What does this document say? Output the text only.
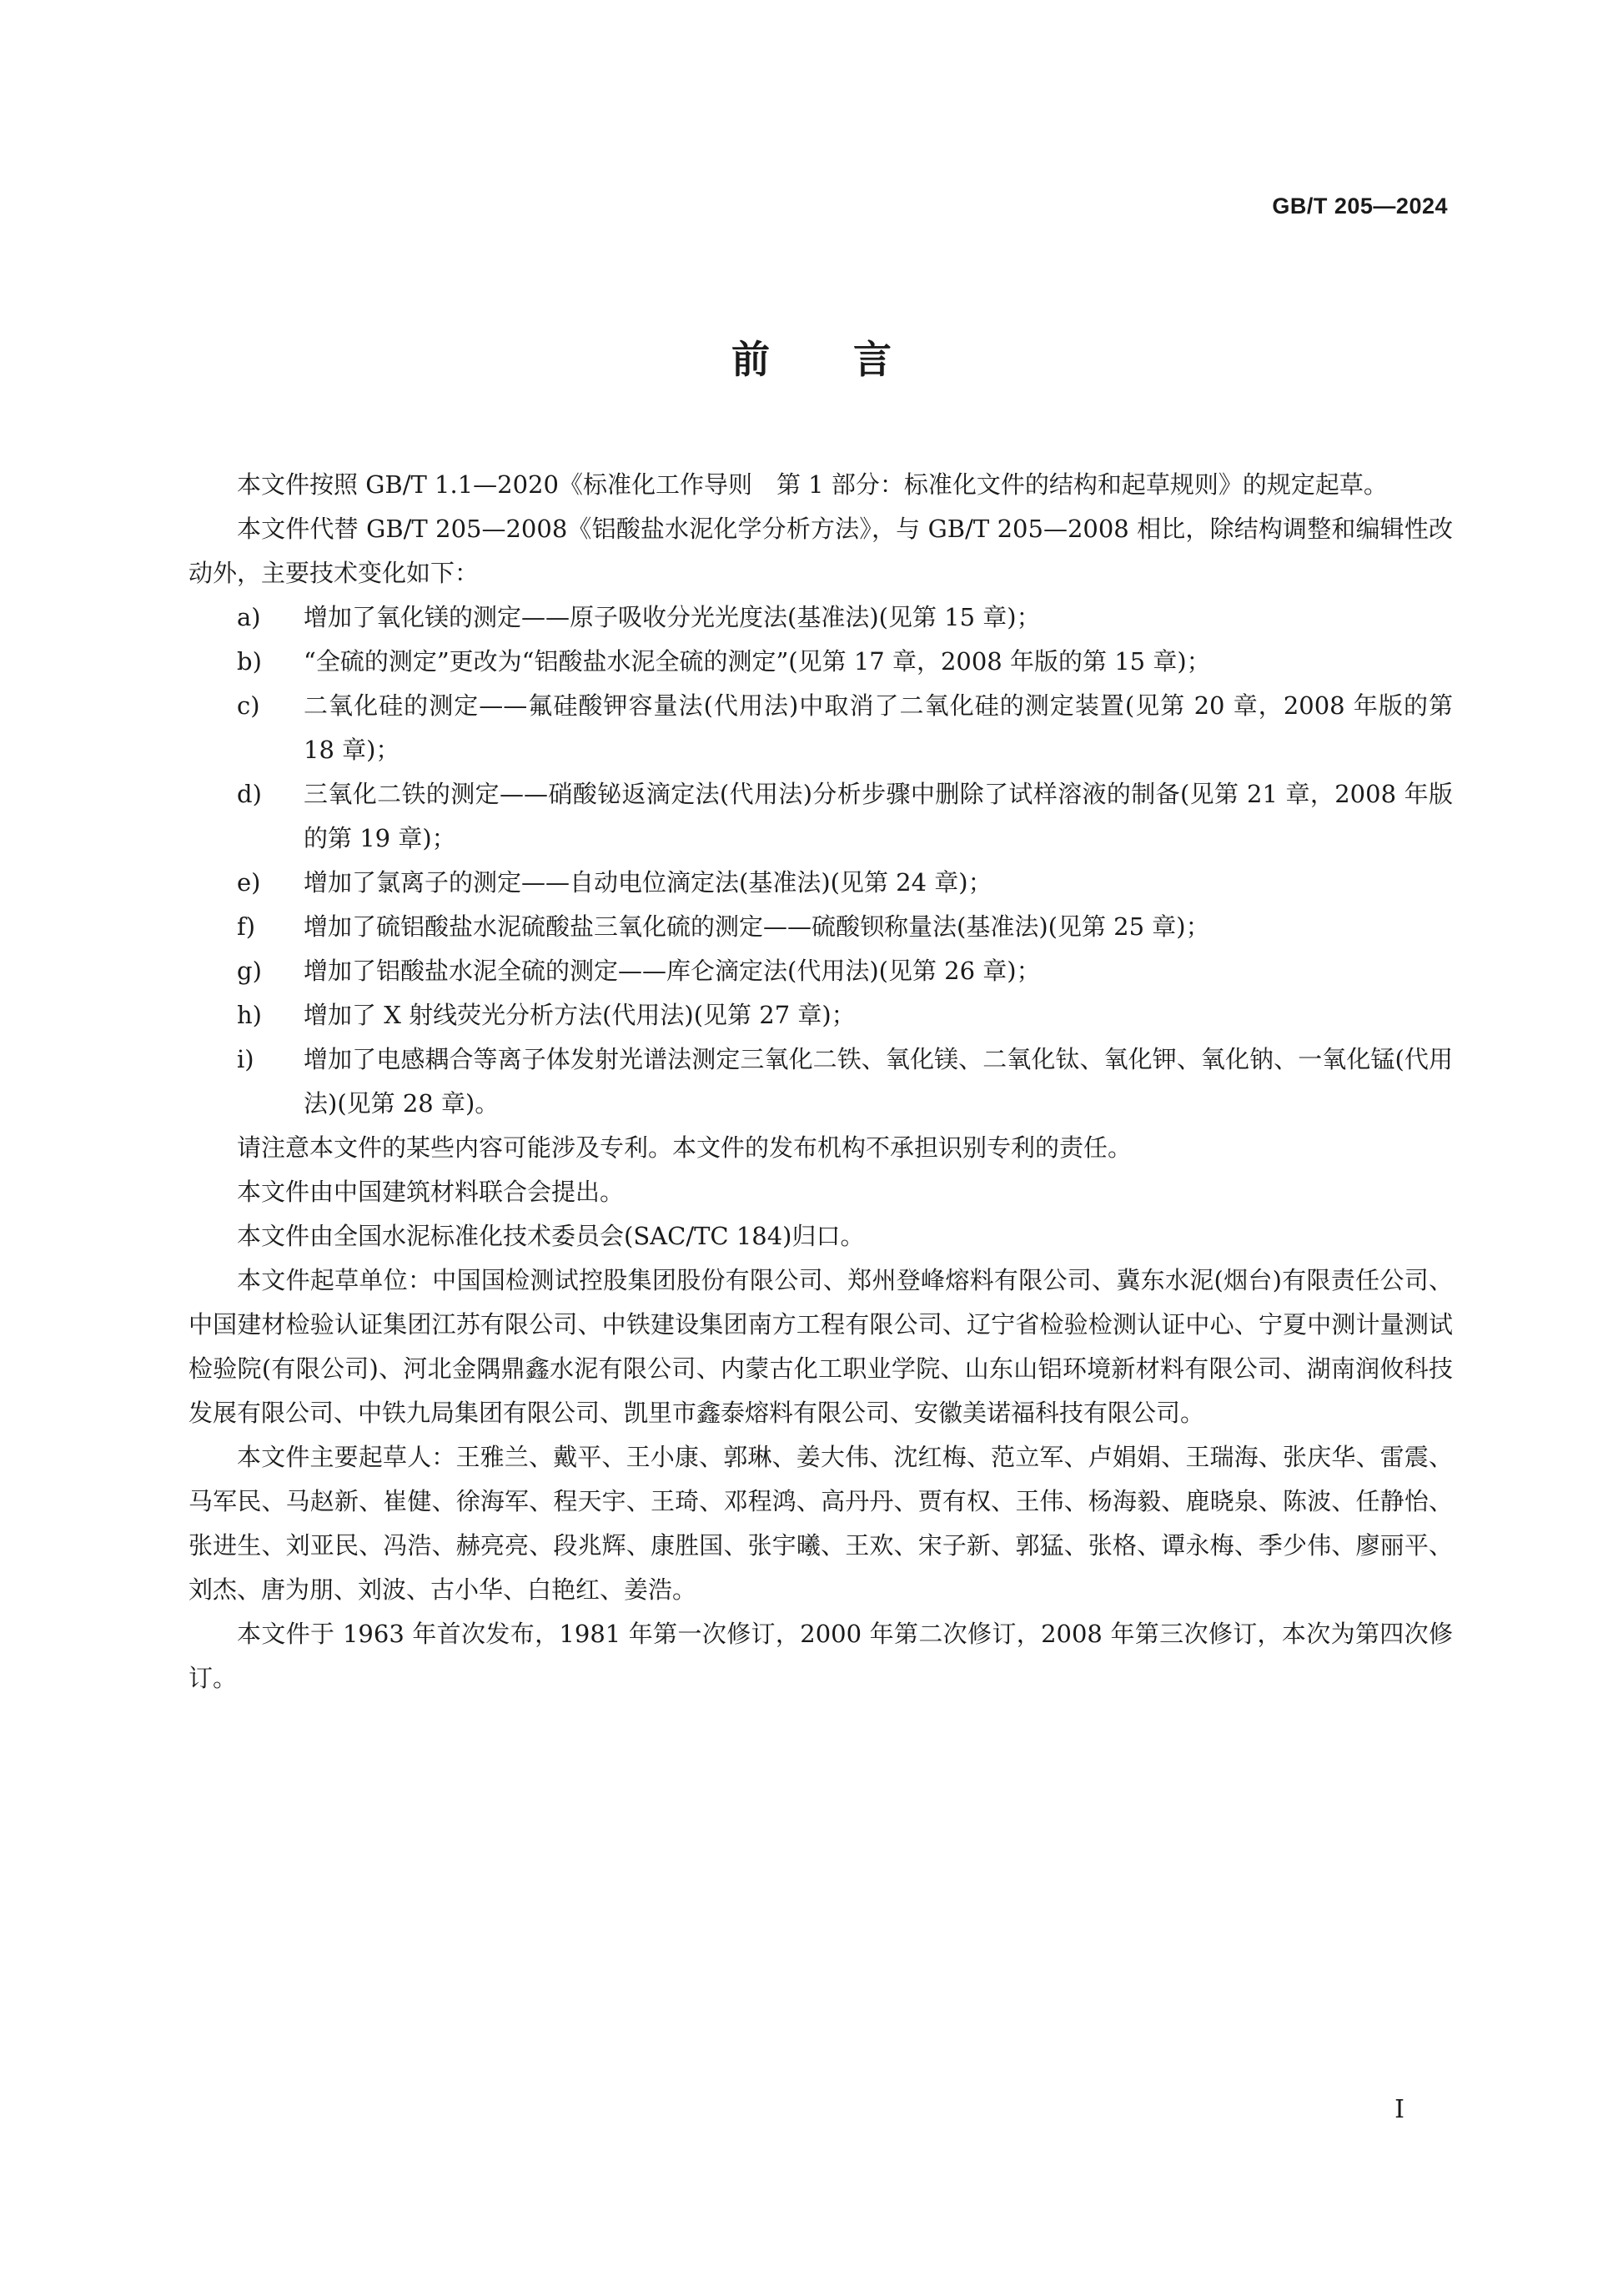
GB/T 205—2024
前言

本文件按照 GB/T 1.1—2020《标准化工作导则　第 1 部分：标准化文件的结构和起草规则》的规定起草。

本文件代替 GB/T 205—2008《铝酸盐水泥化学分析方法》，与 GB/T 205—2008 相比，除结构调整和编辑性改动外，主要技术变化如下：

a)	增加了氧化镁的测定——原子吸收分光光度法(基准法)(见第 15 章)；
b)	“全硫的测定”更改为“铝酸盐水泥全硫的测定”(见第 17 章，2008 年版的第 15 章)；
c)	二氧化硅的测定——氟硅酸钾容量法(代用法)中取消了二氧化硅的测定装置(见第 20 章，2008 年版的第 18 章)；
d)	三氧化二铁的测定——硝酸铋返滴定法(代用法)分析步骤中删除了试样溶液的制备(见第 21 章，2008 年版的第 19 章)；
e)	增加了氯离子的测定——自动电位滴定法(基准法)(见第 24 章)；
f)	增加了硫铝酸盐水泥硫酸盐三氧化硫的测定——硫酸钡称量法(基准法)(见第 25 章)；
g)	增加了铝酸盐水泥全硫的测定——库仑滴定法(代用法)(见第 26 章)；
h)	增加了 X 射线荧光分析方法(代用法)(见第 27 章)；
i)	增加了电感耦合等离子体发射光谱法测定三氧化二铁、氧化镁、二氧化钛、氧化钾、氧化钠、一氧化锰(代用法)(见第 28 章)。

请注意本文件的某些内容可能涉及专利。本文件的发布机构不承担识别专利的责任。

本文件由中国建筑材料联合会提出。

本文件由全国水泥标准化技术委员会(SAC/TC 184)归口。

本文件起草单位：中国国检测试控股集团股份有限公司、郑州登峰熔料有限公司、冀东水泥(烟台)有限责任公司、中国建材检验认证集团江苏有限公司、中铁建设集团南方工程有限公司、辽宁省检验检测认证中心、宁夏中测计量测试检验院(有限公司)、河北金隅鼎鑫水泥有限公司、内蒙古化工职业学院、山东山铝环境新材料有限公司、湖南润攸科技发展有限公司、中铁九局集团有限公司、凯里市鑫泰熔料有限公司、安徽美诺福科技有限公司。

本文件主要起草人：王雅兰、戴平、王小康、郭琳、姜大伟、沈红梅、范立军、卢娟娟、王瑞海、张庆华、雷震、马军民、马赵新、崔健、徐海军、程天宇、王琦、邓程鸿、高丹丹、贾有权、王伟、杨海毅、鹿晓泉、陈波、任静怡、张进生、刘亚民、冯浩、赫亮亮、段兆辉、康胜国、张宇曦、王欢、宋子新、郭猛、张格、谭永梅、季少伟、廖丽平、刘杰、唐为朋、刘波、古小华、白艳红、姜浩。

本文件于 1963 年首次发布，1981 年第一次修订，2000 年第二次修订，2008 年第三次修订，本次为第四次修订。

I
